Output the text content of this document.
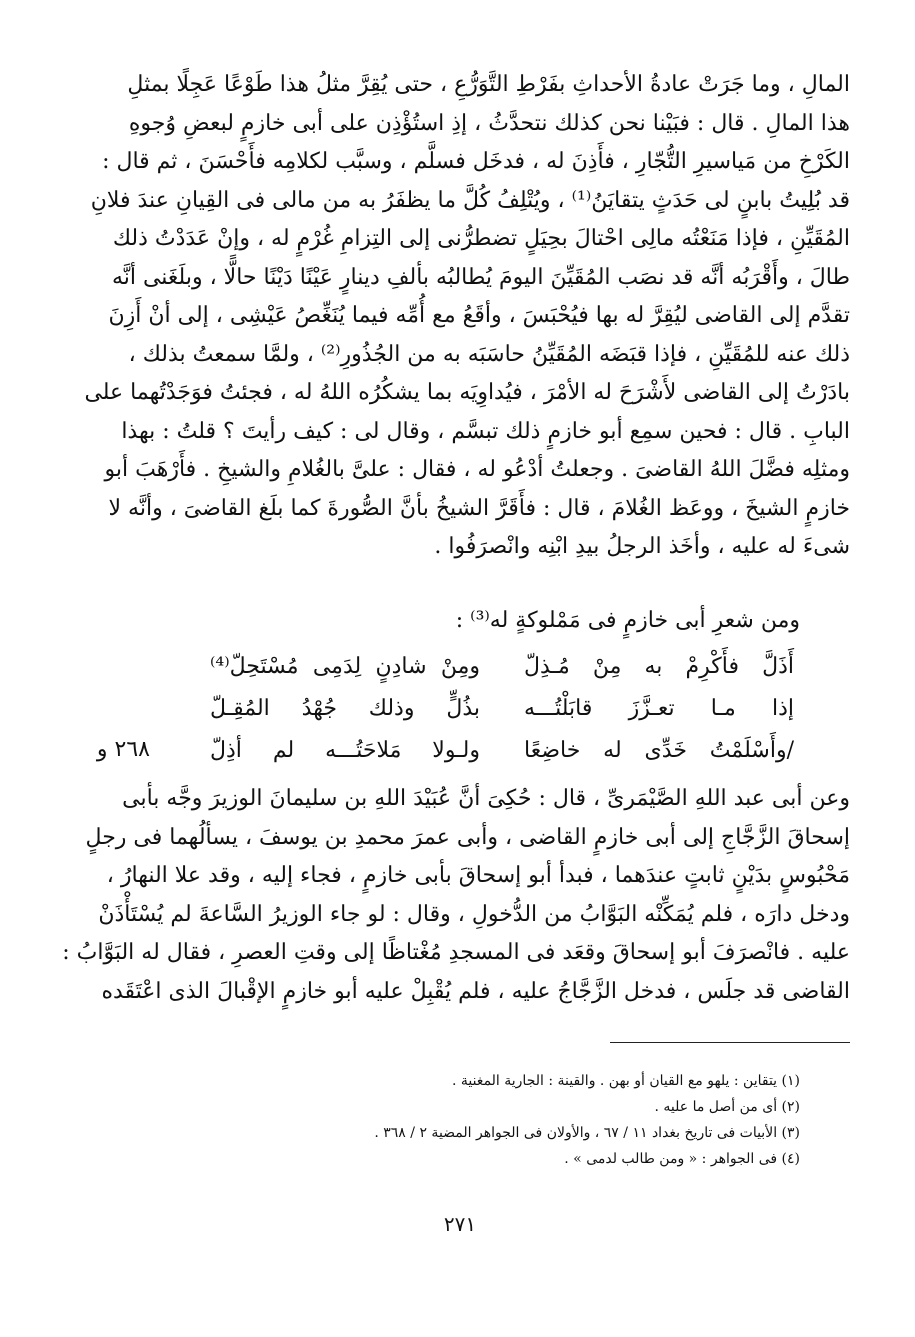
المالِ ، وما جَرَتْ عادةُ الأحداثِ بفَرْطِ التَّوَرُّعِ ، حتى يُقِرَّ مثلُ هذا طَوْعًا عَجِلًا بمثلِ
هذا المالِ . قال : فبَيْنا نحن كذلك نتحدَّثُ ، إذِ استُؤْذِن على أبى خازمٍ لبعضِ وُجوهِ
الكَرْخِ من مَياسيرِ التُّجّارِ ، فأَذِنَ له ، فدخَل فسلَّم ، وسبَّب لكلامِه فأَحْسَنَ ، ثم قال :
قد بُلِيتُ بابنٍ لى حَدَثٍ يتقايَنُ⁽¹⁾ ، ويُتْلِفُ كُلَّ ما يظفَرُ به من مالى فى القِيانِ عندَ فلانِ
المُقَيِّنِ ، فإذا مَنَعْتُه مالِى احْتالَ بحِيَلٍ تضطرُّنى إلى التِزامِ غُرْمٍ له ، وإنْ عَدَدْتُ ذلك
طالَ ، وأَقْرَبُه أنَّه قد نصَب المُقَيِّنَ اليومَ يُطالبُه بألفِ دينارٍ عَيْنًا دَيْنًا حالًّا ، وبلَغَنى أنَّه
تقدَّم إلى القاضى ليُقِرَّ له بها فيُحْبَسَ ، وأقَعُ مع أُمِّه فيما يُنَغِّصُ عَيْشِى ، إلى أنْ أَزِنَ
ذلك عنه للمُقَيِّنِ ، فإذا قبَضَه المُقَيِّنُ حاسَبَه به من الجُذُورِ⁽²⁾ ، ولمَّا سمعتُ بذلك ،
بادَرْتُ إلى القاضى لأَشْرَحَ له الأمْرَ ، فيُداوِيَه بما يشكُرُه اللهُ له ، فجئتُ فوَجَدْتُهما على
البابِ . قال : فحين سمِع أبو خازمٍ ذلك تبسَّم ، وقال لى : كيف رأيتَ ؟ قلتُ : بهذا
ومثلِه فضَّلَ اللهُ القاضىَ . وجعلتُ أدْعُو له ، فقال : علىَّ بالغُلامِ والشيخِ . فأَرْهَبَ أبو
خازمٍ الشيخَ ، ووعَظ الغُلامَ ، قال : فأَقَرَّ الشيخُ بأنَّ الصُّورةَ كما بلَغ القاضىَ ، وأنَّه لا
شىءَ له عليه ، وأخَذ الرجلُ بيدِ ابْنِه وانْصرَفُوا .
ومن شعرِ أبى خازمٍ فى مَمْلوكةٍ له⁽³⁾ :
أَذَلَّ فأَكْرِمْ به مِنْ مُـذِلّ
ومِنْ شادِنٍ لِدَمِى مُسْتَحِلّ⁽⁴⁾
إذا مـا تعـزَّزَ قابَلْتُـــه
بذُلٍّ وذلك جُهْدُ المُقِـلّ
/وأَسْلَمْتُ خَدِّى له خاضِعًا
ولـولا مَلاحَتُـــه لم أذِلّ
٢٦٨ و
وعن أبى عبد اللهِ الصَّيْمَرىِّ ، قال : حُكِىَ أنَّ عُبَيْدَ اللهِ بن سليمانَ الوزيرَ وجَّه بأبى
إسحاقَ الزَّجَّاجِ إلى أبى خازمٍ القاضى ، وأبى عمرَ محمدِ بن يوسفَ ، يسألُهما فى رجلٍ
مَحْبُوسٍ بدَيْنٍ ثابتٍ عندَهما ، فبدأ أبو إسحاقَ بأبى خازمٍ ، فجاء إليه ، وقد علا النهارُ ،
ودخل دارَه ، فلم يُمَكِّنْه البَوَّابُ من الدُّخولِ ، وقال : لو جاء الوزيرُ السَّاعةَ لم يُسْتَأْذَنْ
عليه . فانْصرَفَ أبو إسحاقَ وقعَد فى المسجدِ مُغْتاظًا إلى وقتِ العصرِ ، فقال له البَوَّابُ :
القاضى قد جلَس ، فدخل الزَّجَّاجُ عليه ، فلم يُقْبِلْ عليه أبو خازمٍ الإقْبالَ الذى اعْتَقَده
(١) يتقاين : يلهو مع القيان أو بهن . والقينة : الجارية المغنية .
(٢) أى من أصل ما عليه .
(٣) الأبيات فى تاريخ بغداد ١١ / ٦٧ ، والأولان فى الجواهر المضية ٢ / ٣٦٨ .
(٤) فى الجواهر : « ومن طالب لدمى » .
٢٧١
